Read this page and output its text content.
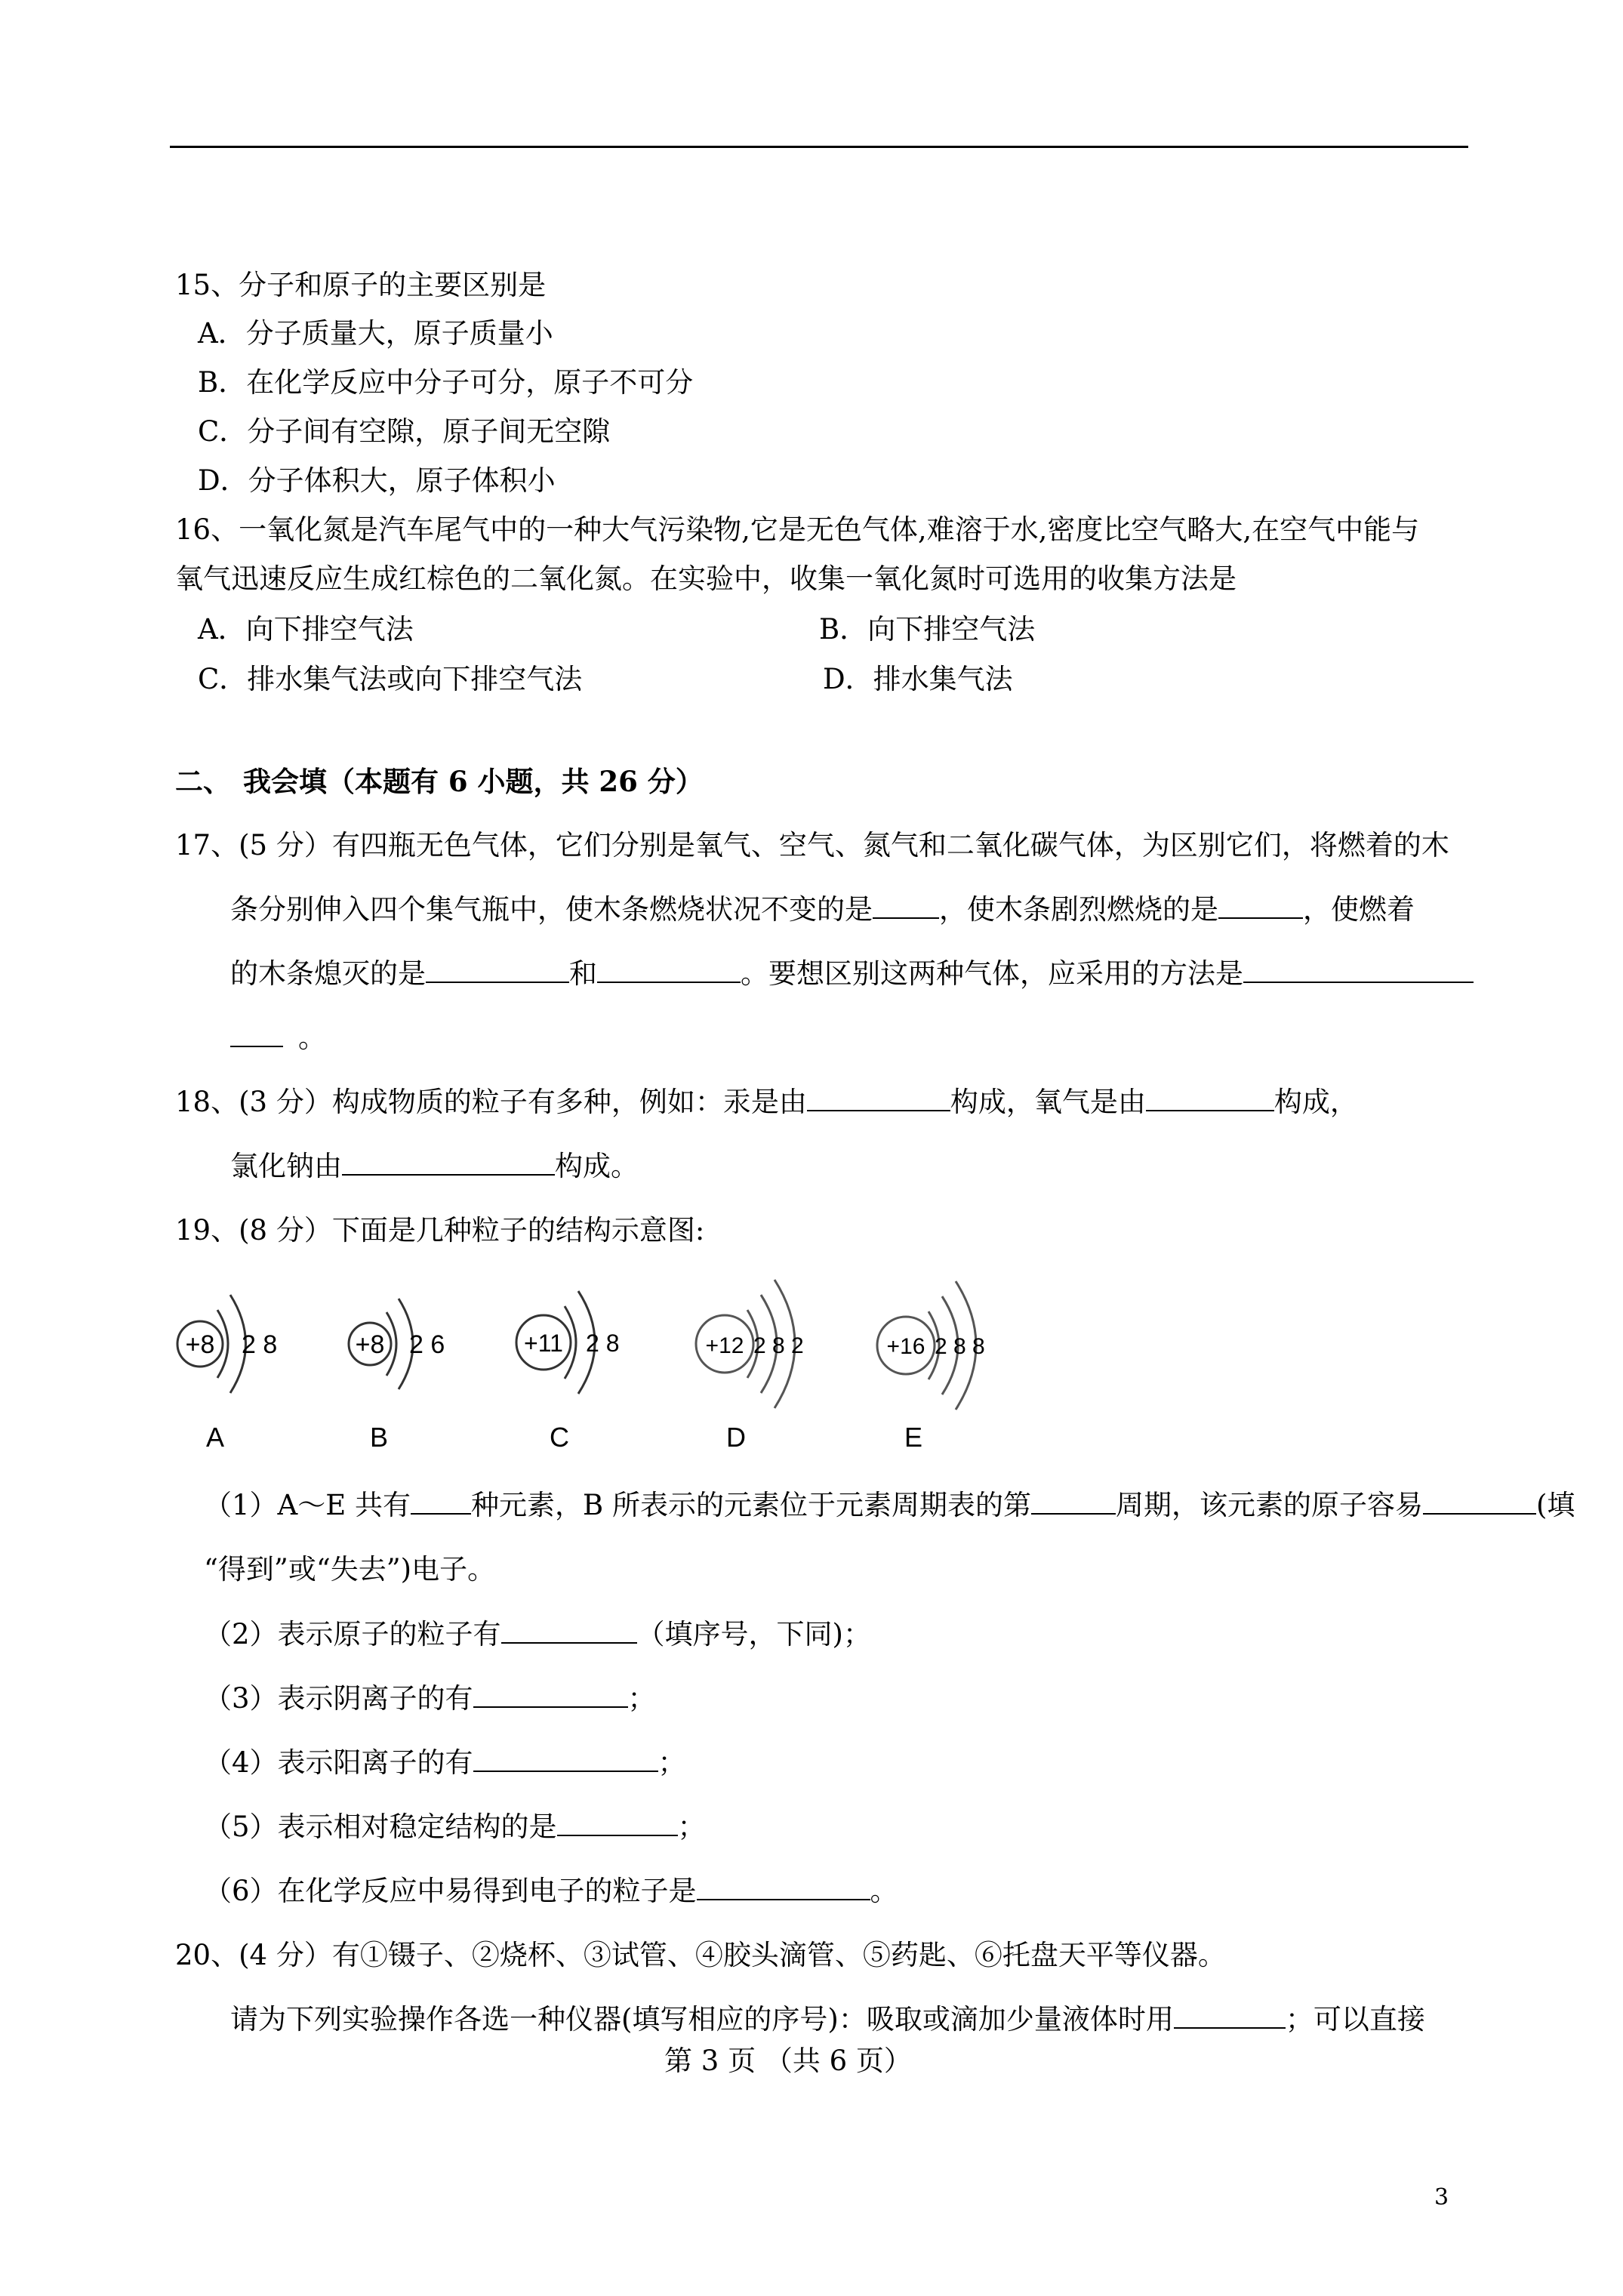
15、分子和原子的主要区别是
A．分子质量大，原子质量小
B．在化学反应中分子可分，原子不可分
C．分子间有空隙，原子间无空隙
D．分子体积大，原子体积小
16、一氧化氮是汽车尾气中的一种大气污染物,它是无色气体,难溶于水,密度比空气略大,在空气中能与
氧气迅速反应生成红棕色的二氧化氮。在实验中，收集一氧化氮时可选用的收集方法是
A．向下排空气法	B．向下排空气法
C．排水集气法或向下排空气法	D．排水集气法
二、 我会填（本题有 6 小题，共 26 分）
17、(5 分）有四瓶无色气体，它们分别是氧气、空气、氮气和二氧化碳气体，为区别它们，将燃着的木
条分别伸入四个集气瓶中，使木条燃烧状况不变的是 ，使木条剧烈燃烧的是	，使燃着
的木条熄灭的是	和	。要想区别这两种气体，应采用的方法是
。
18、(3 分）构成物质的粒子有多种，例如：汞是由	构成，氧气是由	构成，
氯化钠由	构成。
19、(8 分）下面是几种粒子的结构示意图:
+8 2 8	+8 2 6	+11 2 8	+12 2 8 2	+16 2 8 8
A	B	C	D	E
（1）A～E 共有 种元素，B 所表示的元素位于元素周期表的第	周期，该元素的原子容易	(填
“得到”或“失去”)电子。
（2）表示原子的粒子有	（填序号，下同)；
（3）表示阴离子的有	；
（4）表示阳离子的有	；
（5）表示相对稳定结构的是	；
（6）在化学反应中易得到电子的粒子是	。
20、(4 分）有①镊子、②烧杯、③试管、④胶头滴管、⑤药匙、⑥托盘天平等仪器。
请为下列实验操作各选一种仪器(填写相应的序号)：吸取或滴加少量液体时用	；可以直接
第 3 页 （共 6 页）
3
